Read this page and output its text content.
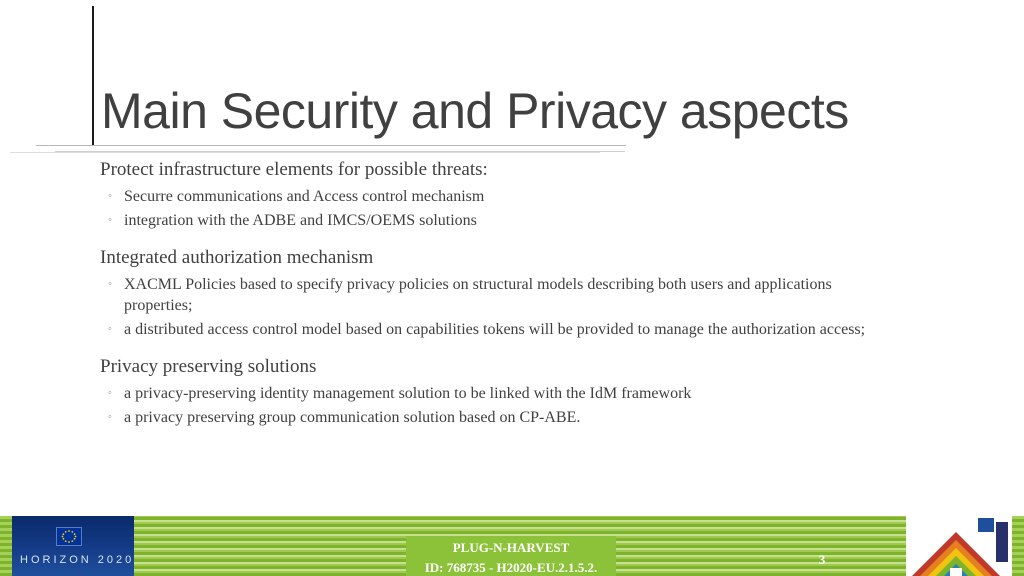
Main Security and Privacy aspects
Protect infrastructure elements for possible threats:
◦ Securre communications and Access control mechanism
◦ integration with the ADBE and IMCS/OEMS solutions
Integrated authorization mechanism
◦ XACML Policies based to specify privacy policies on structural models describing both users and applications properties;
◦ a distributed access control model based on capabilities tokens will be provided to manage the authorization access;
Privacy preserving solutions
◦ a privacy-preserving identity management solution to be linked with the IdM framework
◦ a privacy preserving group communication solution based on CP-ABE.
HORIZON 2020
PLUG-N-HARVEST
ID: 768735 - H2020-EU.2.1.5.2.
3
